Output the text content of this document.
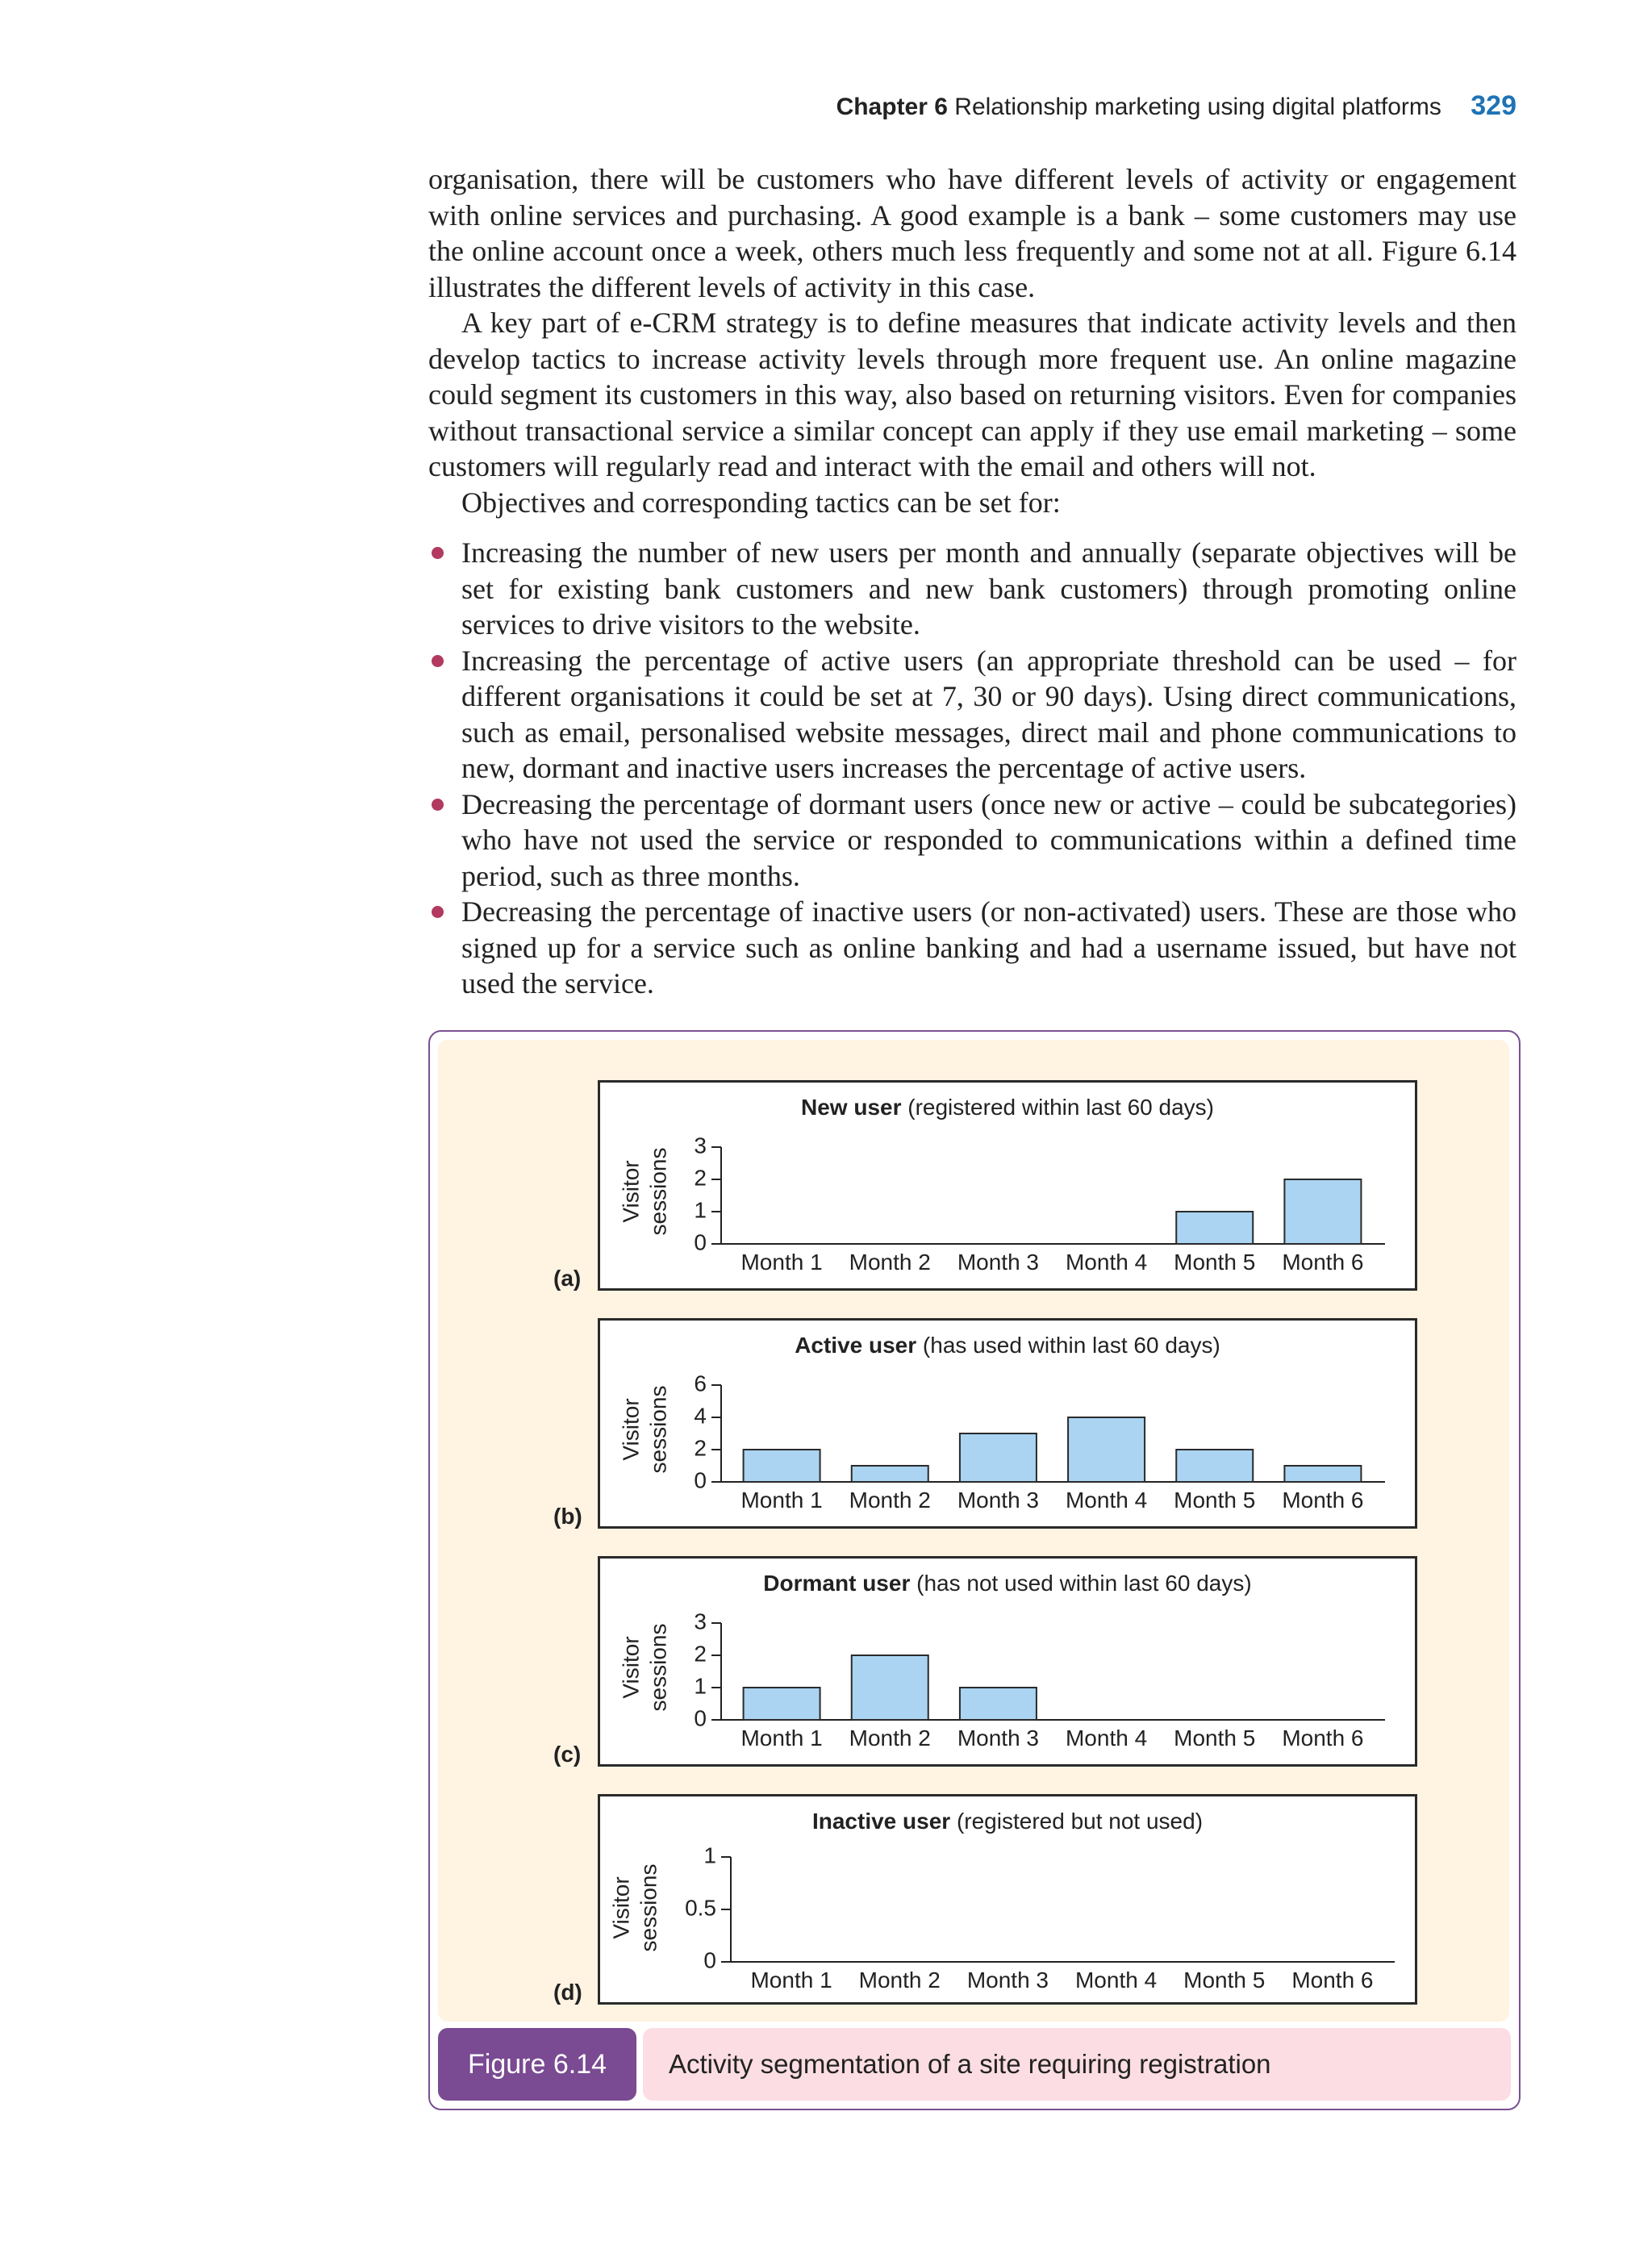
Chapter 6 Relationship marketing using digital platforms 329

organisation, there will be customers who have different levels of activity or engagement with online services and purchasing. A good example is a bank – some customers may use the online account once a week, others much less frequently and some not at all. Figure 6.14 illustrates the different levels of activity in this case.

A key part of e-CRM strategy is to define measures that indicate activity levels and then develop tactics to increase activity levels through more frequent use. An online magazine could segment its customers in this way, also based on returning visitors. Even for companies without transactional service a similar concept can apply if they use email marketing – some customers will regularly read and interact with the email and others will not.

Objectives and corresponding tactics can be set for:

Increasing the number of new users per month and annually (separate objectives will be set for existing bank customers and new bank customers) through promoting online services to drive visitors to the website.
Increasing the percentage of active users (an appropriate threshold can be used – for different organisations it could be set at 7, 30 or 90 days). Using direct communications, such as email, personalised website messages, direct mail and phone communications to new, dormant and inactive users increases the percentage of active users.
Decreasing the percentage of dormant users (once new or active – could be subcategories) who have not used the service or responded to communications within a defined time period, such as three months.
Decreasing the percentage of inactive users (or non-activated) users. These are those who signed up for a service such as online banking and had a username issued, but have not used the service.
(a)
New user (registered within last 60 days)
Visitor sessions
0
1
2
3
Month 1 Month 2 Month 3 Month 4 Month 5 Month 6
(b)
Active user (has used within last 60 days)
Visitor sessions
0
2
4
6
Month 1 Month 2 Month 3 Month 4 Month 5 Month 6
(c)
Dormant user (has not used within last 60 days)
Visitor sessions
0
1
2
3
Month 1 Month 2 Month 3 Month 4 Month 5 Month 6
(d)
Inactive user (registered but not used)
Visitor sessions
0
0.5
1
Month 1 Month 2 Month 3 Month 4 Month 5 Month 6
Figure 6.14	Activity segmentation of a site requiring registration
